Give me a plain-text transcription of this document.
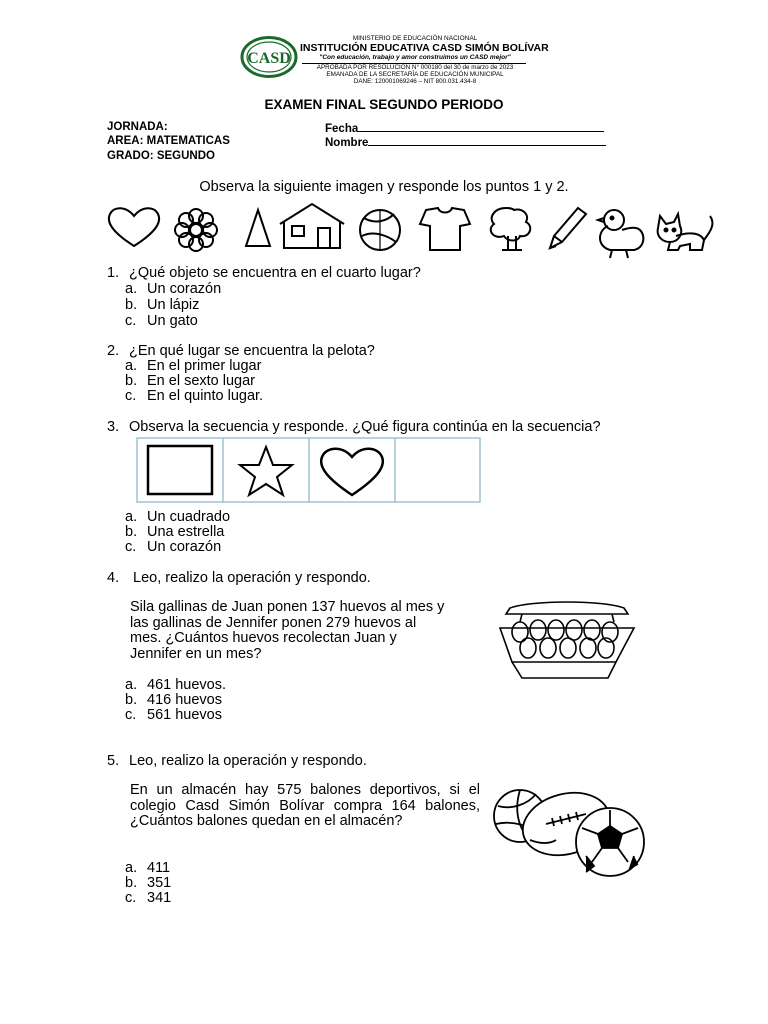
CASD
MINISTERIO DE EDUCACIÓN NACIONAL
INSTITUCIÓN EDUCATIVA CASD SIMÓN BOLÍVAR
"Con educación, trabajo y amor construimos un CASD mejor"
APROBADA POR RESOLUCIÓN N° 000180 del 30 de marzo de 2023
EMANADA DE LA SECRETARÍA DE EDUCACIÓN MUNICIPAL
DANE: 120001069246 – NIT 800.031.434-8
EXAMEN FINAL SEGUNDO PERIODO
JORNADA:
AREA: MATEMATICAS
GRADO: SEGUNDO
Fecha
Nombre
Observa la siguiente imagen y responde los puntos 1 y 2.
1. ¿Qué objeto se encuentra en el cuarto lugar?
a. Un corazón
b. Un lápiz
c. Un gato
2. ¿En qué lugar se encuentra la pelota?
a. En el primer lugar
b. En el sexto lugar
c. En el quinto lugar.
3. Observa la secuencia y responde. ¿Qué figura continúa en la secuencia?
a. Un cuadrado
b. Una estrella
c. Un corazón
4. Leo, realizo la operación y respondo.
Sila gallinas de Juan ponen 137 huevos al mes y
las gallinas de Jennifer ponen 279 huevos al
mes. ¿Cuántos huevos recolectan Juan y
Jennifer en un mes?
a. 461 huevos.
b. 416 huevos
c. 561 huevos
5. Leo, realizo la operación y respondo.
En un almacén hay 575 balones deportivos, si el colegio Casd Simón Bolívar compra 164 balones, ¿Cuántos balones quedan en el almacén?
a. 411
b. 351
c. 341
